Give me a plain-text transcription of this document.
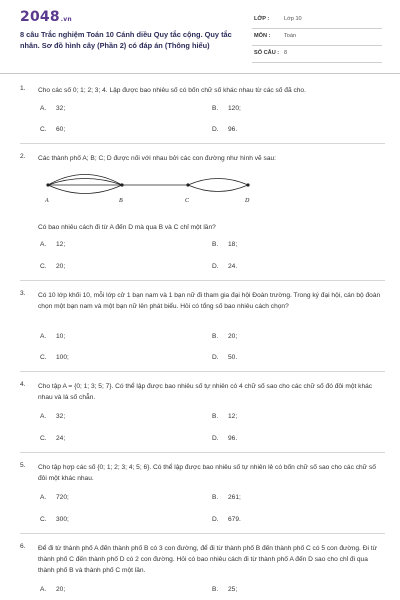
2048.vn
8 câu Trắc nghiệm Toán 10 Cánh diều Quy tắc cộng. Quy tắc nhân. Sơ đồ hình cây (Phần 2) có đáp án (Thông hiểu)
LỚP :	Lớp 10
MÔN : Toán
SỐ CÂU : 8
1. Cho các số 0; 1; 2; 3; 4. Lập được bao nhiêu số có bốn chữ số khác nhau từ các số đã cho.
A. 32;	B. 120;
C. 60;	D. 96.
2. Các thành phố A; B; C; D được nối với nhau bởi các con đường như hình vẽ sau:
A	B	C	D
Có bao nhiêu cách đi từ A đến D mà qua B và C chỉ một lần?
A. 12;	B. 18;
C. 20;	D. 24.
3. Có 10 lớp khối 10, mỗi lớp cử 1 bạn nam và 1 bạn nữ đi tham gia đại hội Đoàn trường. Trong ký đại hội, cán bộ đoàn chọn một bạn nam và một bạn nữ lên phát biểu. Hỏi có tổng số bao nhiêu cách chọn?
A. 10;	B. 20;
C. 100;	D. 50.
4. Cho tập A = {0; 1; 3; 5; 7}. Có thể lập được bao nhiêu số tự nhiên có 4 chữ số sao cho các chữ số đó đôi một khác nhau và là số chẵn.
A. 32;	B. 12;
C. 24;	D. 96.
5. Cho tập hợp các số {0; 1; 2; 3; 4; 5; 6}. Có thể lập được bao nhiêu số tự nhiên lẻ có bốn chữ số sao cho các chữ số đôi một khác nhau.
A. 720;	B. 261;
C. 300;	D. 679.
6. Để đi từ thành phố A đến thành phố B có 3 con đường, để đi từ thành phố B đến thành phố C có 5 con đường. Đi từ thành phố C đến thành phố D có 2 con đường. Hỏi có bao nhiêu cách đi từ thành phố A đến D sao cho chỉ đi qua thành phố B và thành phố C một lần.
A. 20;	B. 25;
